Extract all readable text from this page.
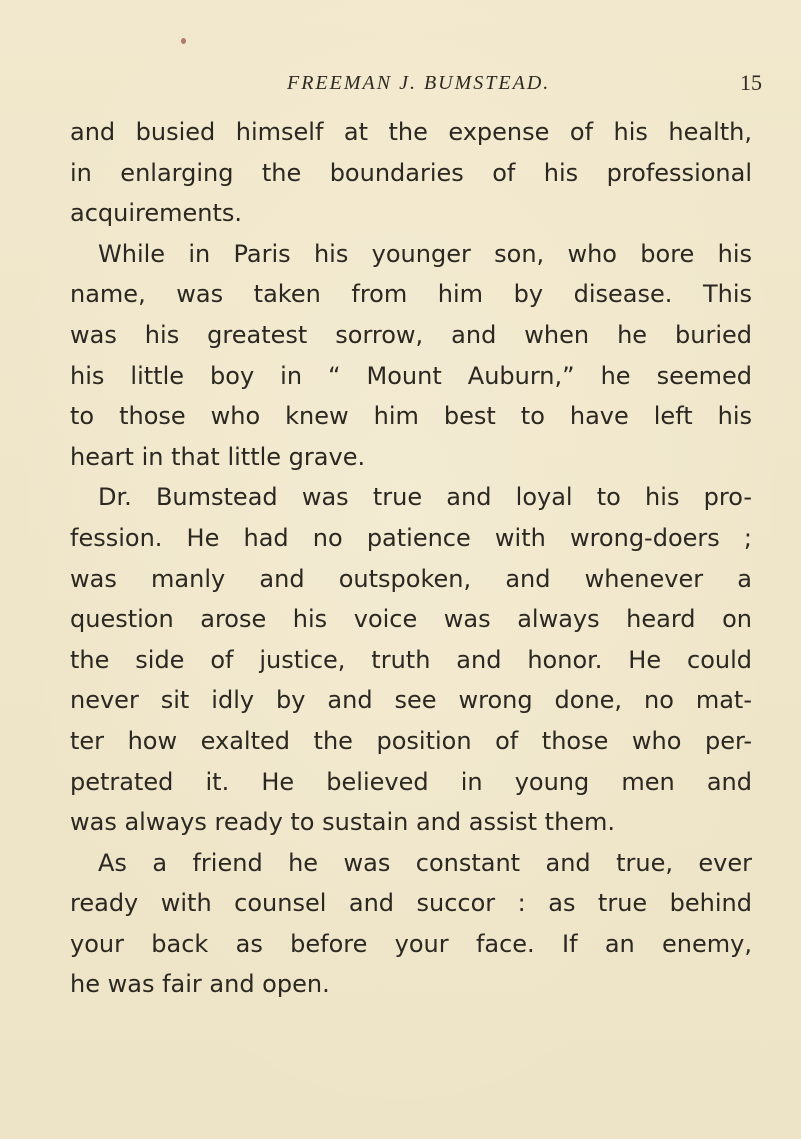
FREEMAN J. BUMSTEAD.	15
and busied himself at the expense of his health,
in enlarging the boundaries of his professional
acquirements.
While in Paris his younger son, who bore his
name, was taken from him by disease. This
was his greatest sorrow, and when he buried
his little boy in “ Mount Auburn,” he seemed
to those who knew him best to have left his
heart in that little grave.
Dr. Bumstead was true and loyal to his pro-
fession. He had no patience with wrong-doers ;
was manly and outspoken, and whenever a
question arose his voice was always heard on
the side of justice, truth and honor. He could
never sit idly by and see wrong done, no mat-
ter how exalted the position of those who per-
petrated it. He believed in young men and
was always ready to sustain and assist them.
As a friend he was constant and true, ever
ready with counsel and succor : as true behind
your back as before your face. If an enemy,
he was fair and open.
